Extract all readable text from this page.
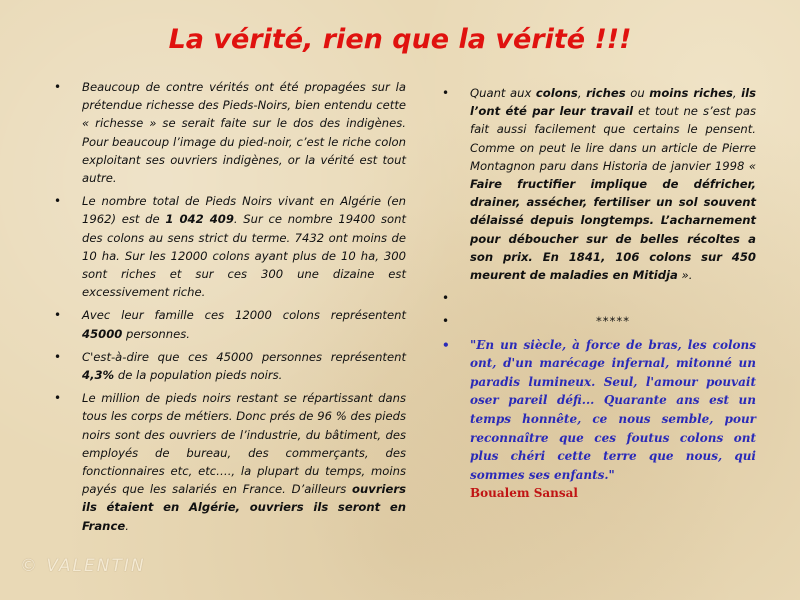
La vérité, rien que la vérité !!!
• Beaucoup de contre vérités ont été propagées sur la prétendue richesse des Pieds-Noirs, bien entendu cette « richesse » se serait faite sur le dos des indigènes. Pour beaucoup l’image du pied-noir, c’est le riche colon exploitant ses ouvriers indigènes, or la vérité est tout autre.
• Le nombre total de Pieds Noirs vivant en Algérie (en 1962) est de 1 042 409. Sur ce nombre 19400 sont des colons au sens strict du terme. 7432 ont moins de 10 ha. Sur les 12000 colons ayant plus de 10 ha, 300 sont riches et sur ces 300 une dizaine est excessivement riche.
• Avec leur famille ces 12000 colons représentent 45000 personnes.
• C'est-à-dire que ces 45000 personnes représentent 4,3% de la population pieds noirs.
• Le million de pieds noirs restant se répartissant dans tous les corps de métiers. Donc prés de 96 % des pieds noirs sont des ouvriers de l’industrie, du bâtiment, des employés de bureau, des commerçants, des fonctionnaires etc, etc…., la plupart du temps, moins payés que les salariés en France. D’ailleurs ouvriers ils étaient en Algérie, ouvriers ils seront en France.
• Quant aux colons, riches ou moins riches, ils l’ont été par leur travail et tout ne s’est pas fait aussi facilement que certains le pensent. Comme on peut le lire dans un article de Pierre Montagnon paru dans Historia de janvier 1998 « Faire fructifier implique de défricher, drainer, assécher, fertiliser un sol souvent délaissé depuis longtemps. L’acharnement pour déboucher sur de belles récoltes a son prix. En 1841, 106 colons sur 450 meurent de maladies en Mitidja ».
•

•	*****
• "En un siècle, à force de bras, les colons ont, d'un marécage infernal, mitonné un paradis lumineux. Seul, l'amour pouvait oser pareil défi... Quarante ans est un temps honnête, ce nous semble, pour reconnaître que ces foutus colons ont plus chéri cette terre que nous, qui sommes ses enfants."
Boualem Sansal
© VALENTIN
